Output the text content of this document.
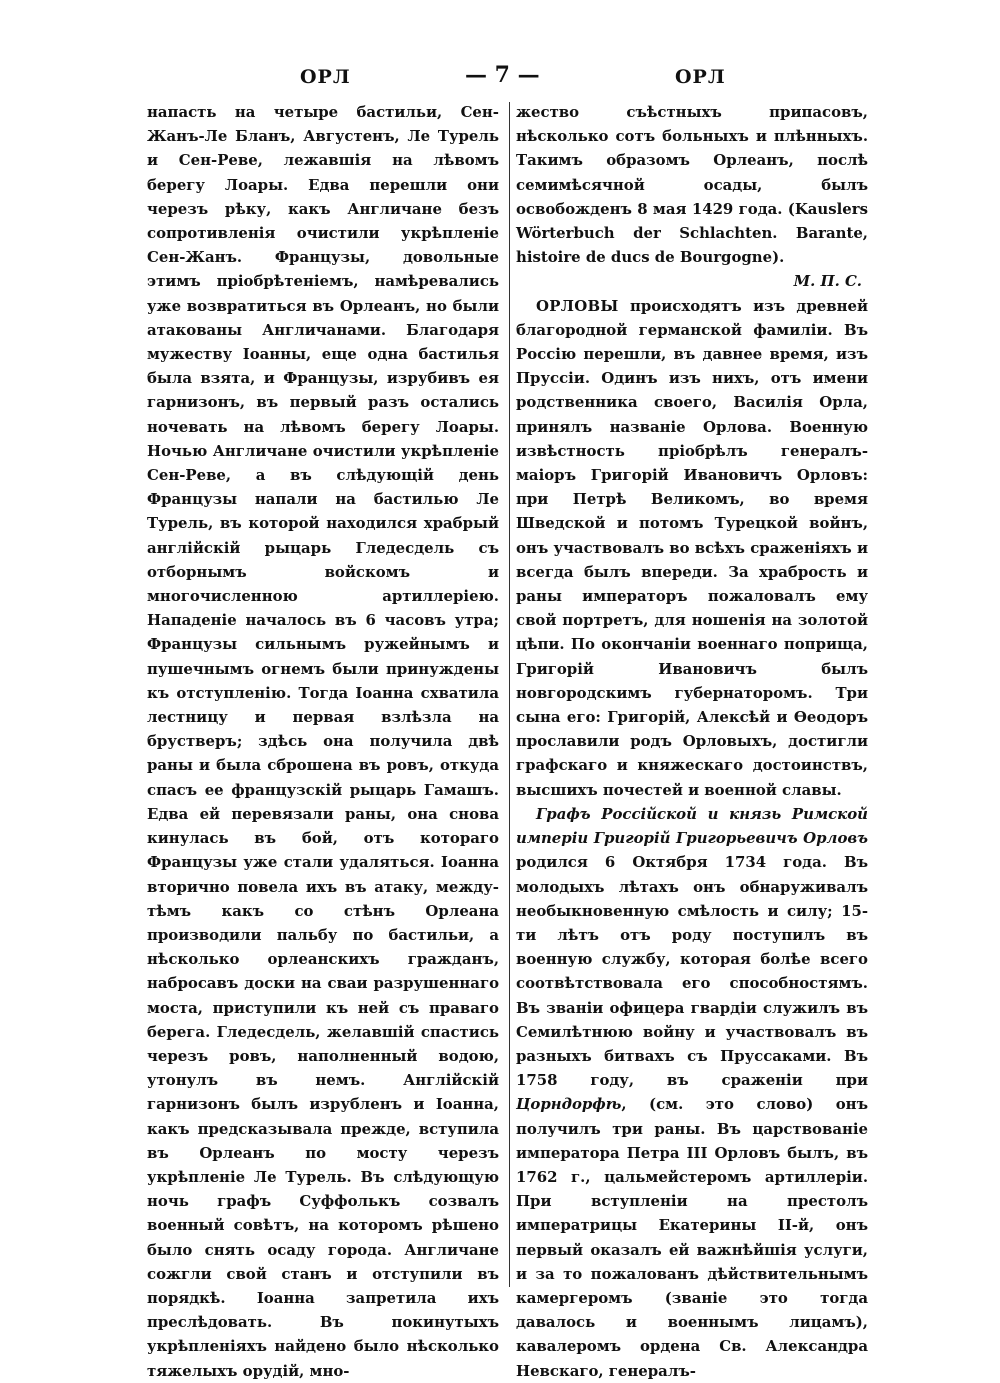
ОРЛ	— 7 —	ОРЛ

напасть на четыре бастильи, Сен-Жанъ-Ле Бланъ, Августенъ, Ле Турель и Сен-Реве, лежавшія на лѣвомъ берегу Лоары. Едва перешли они черезъ рѣку, какъ Англичане безъ сопротивленія очистили укрѣпленіе Сен-Жанъ. Французы, довольные этимъ пріобрѣтеніемъ, намѣревались уже возвратиться въ Орлеанъ, но были атакованы Англичанами. Благодаря мужеству Іоанны, еще одна бастилья была взята, и Французы, изрубивъ ея гарнизонъ, въ первый разъ остались ночевать на лѣвомъ берегу Лоары. Ночью Англичане очистили укрѣпленіе Сен-Реве, а въ слѣдующій день Французы напали на бастилью Ле Турель, въ которой находился храбрый англійскій рыцарь Гледесдель съ отборнымъ войскомъ и многочисленною артиллеріею. Нападеніе началось въ 6 часовъ утра; Французы сильнымъ ружейнымъ и пушечнымъ огнемъ были принуждены къ отступленію. Тогда Іоанна схватила лестницу и первая взлѣзла на брустверъ; здѣсь она получила двѣ раны и была сброшена въ ровъ, откуда спасъ ее французскій рыцарь Гамашъ. Едва ей перевязали раны, она снова кинулась въ бой, отъ котораго Французы уже стали удаляться. Іоанна вторично повела ихъ въ атаку, между-тѣмъ какъ со стѣнъ Орлеана производили пальбу по бастильи, а нѣсколько орлеанскихъ гражданъ, набросавъ доски на сваи разрушеннаго моста, приступили къ ней съ праваго берега. Гледесдель, желавшій спастись черезъ ровъ, наполненный водою, утонулъ въ немъ. Англійскій гарнизонъ былъ изрубленъ и Іоанна, какъ предсказывала прежде, вступила въ Орлеанъ по мосту черезъ укрѣпленіе Ле Турель. Въ слѣдующую ночь графъ Суффолькъ созвалъ военный совѣтъ, на которомъ рѣшено было снять осаду города. Англичане сожгли свой станъ и отступили въ порядкѣ. Іоанна запретила ихъ преслѣдовать. Въ покинутыхъ укрѣпленіяхъ найдено было нѣсколько тяжелыхъ орудій, мно-

жество съѣстныхъ припасовъ, нѣсколько сотъ больныхъ и плѣнныхъ. Такимъ образомъ Орлеанъ, послѣ семимѣсячной осады, былъ освобожденъ 8 мая 1429 года. (Kauslers Wörterbuch der Schlachten. Barante, histoire de ducs de Bourgogne).

М. П. С.

ОРЛОВЫ происходятъ изъ древней благородной германской фамиліи. Въ Россію перешли, въ давнее время, изъ Пруссіи. Одинъ изъ нихъ, отъ имени родственника своего, Василія Орла, принялъ названіе Орлова. Военную извѣстность пріобрѣлъ генералъ-маіоръ Григорій Ивановичъ Орловъ: при Петрѣ Великомъ, во время Шведской и потомъ Турецкой войнъ, онъ участвовалъ во всѣхъ сраженіяхъ и всегда былъ впереди. За храбрость и раны императоръ пожаловалъ ему свой портретъ, для ношенія на золотой цѣпи. По окончаніи военнаго поприща, Григорій Ивановичъ былъ новгородскимъ губернаторомъ. Три сына его: Григорій, Алексѣй и Ѳеодоръ прославили родъ Орловыхъ, достигли графскаго и княжескаго достоинствъ, высшихъ почестей и военной славы.

Графъ Россійской и князь Римской имперіи Григорій Григорьевичъ Орловъ родился 6 Октября 1734 года. Въ молодыхъ лѣтахъ онъ обнаруживалъ необыкновенную смѣлость и силу; 15-ти лѣтъ отъ роду поступилъ въ военную службу, которая болѣе всего соотвѣтствовала его способностямъ. Въ званіи офицера гвардіи служилъ въ Семилѣтнюю войну и участвовалъ въ разныхъ битвахъ съ Пруссаками. Въ 1758 году, въ сраженіи при Цорндорфѣ, (см. это слово) онъ получилъ три раны. Въ царствованіе императора Петра III Орловъ былъ, въ 1762 г., цальмейстеромъ артиллеріи. При вступленіи на престолъ императрицы Екатерины II-й, онъ первый оказалъ ей важнѣйшія услуги, и за то пожалованъ дѣйствительнымъ камергеромъ (званіе это тогда давалось и военнымъ лицамъ), кавалеромъ ордена Св. Александра Невскаго, генералъ-
